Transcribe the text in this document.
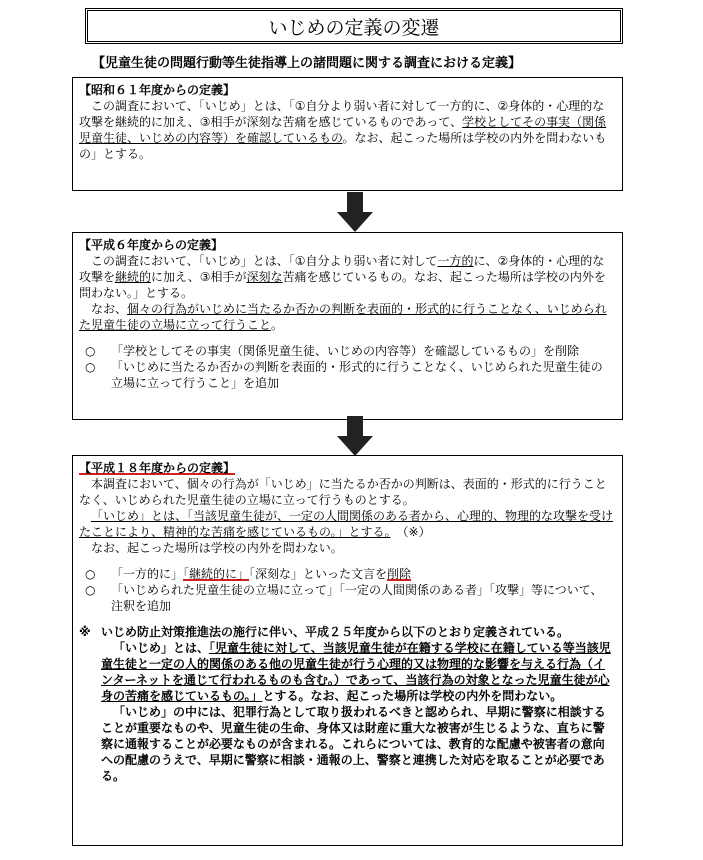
いじめの定義の変遷
【児童生徒の問題行動等生徒指導上の諸問題に関する調査における定義】
【昭和６１年度からの定義】

この調査において、「いじめ」とは、「①自分より弱い者に対して一方的に、②身体的・心理的な攻撃を継続的に加え、③相手が深刻な苦痛を感じているものであって、学校としてその事実（関係児童生徒、いじめの内容等）を確認しているもの。なお、起こった場所は学校の内外を問わないもの」とする。

【平成６年度からの定義】

この調査において、「いじめ」とは、「①自分より弱い者に対して一方的に、②身体的・心理的な攻撃を継続的に加え、③相手が深刻な苦痛を感じているもの。なお、起こった場所は学校の内外を問わない。」とする。

なお、個々の行為がいじめに当たるか否かの判断を表面的・形式的に行うことなく、いじめられた児童生徒の立場に立って行うこと。

○	「学校としてその事実（関係児童生徒、いじめの内容等）を確認しているもの」を削除
○	「いじめに当たるか否かの判断を表面的・形式的に行うことなく、いじめられた児童生徒の立場に立って行うこと」を追加
【平成１８年度からの定義】

本調査において、個々の行為が「いじめ」に当たるか否かの判断は、表面的・形式的に行うことなく、いじめられた児童生徒の立場に立って行うものとする。

「いじめ」とは、「当該児童生徒が、一定の人間関係のある者から、心理的、物理的な攻撃を受けたことにより、精神的な苦痛を感じているもの。」とする。　 （※）

なお、起こった場所は学校の内外を問わない。

○	「一方的に」「継続的に」「深刻な」といった文言を削除
○	「いじめられた児童生徒の立場に立って」「一定の人間関係のある者」「攻撃」等について、注釈を追加
※ いじめ防止対策推進法の施行に伴い、平成２５年度から以下のとおり定義されている。

「いじめ」とは、「児童生徒に対して、当該児童生徒が在籍する学校に在籍している等当該児童生徒と一定の人的関係のある他の児童生徒が行う心理的又は物理的な影響を与える行為（インターネットを通じて行われるものも含む。）であって、当該行為の対象となった児童生徒が心身の苦痛を感じているもの。」とする。なお、起こった場所は学校の内外を問わない。

「いじめ」の中には、犯罪行為として取り扱われるべきと認められ、早期に警察に相談することが重要なものや、児童生徒の生命、身体又は財産に重大な被害が生じるような、直ちに警察に通報することが必要なものが含まれる。これらについては、教育的な配慮や被害者の意向への配慮のうえで、早期に警察に相談・通報の上、警察と連携した対応を取ることが必要である。
